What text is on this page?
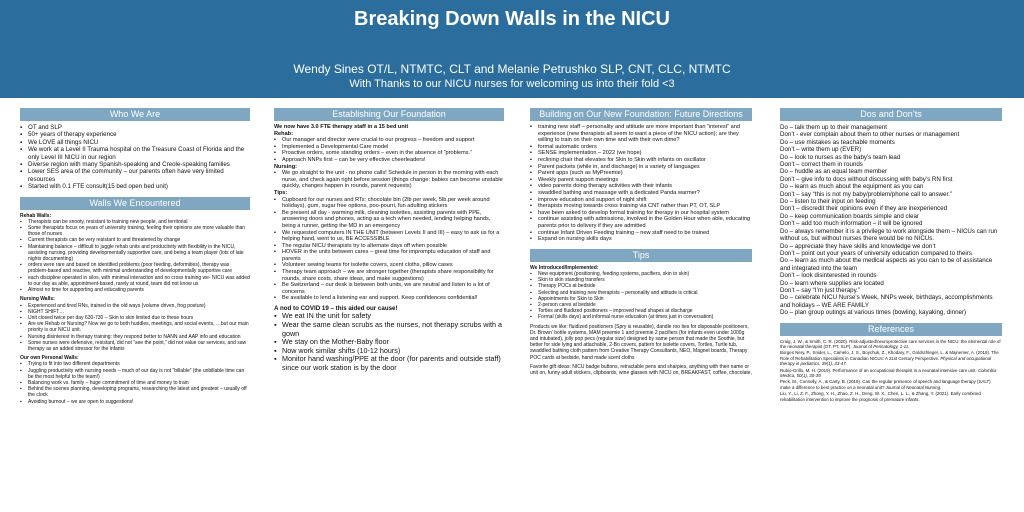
Breaking Down Walls in the NICU
Wendy Sines OT/L, NTMTC, CLT and Melanie Petrushko SLP, CNT, CLC, NTMTC
With Thanks to our NICU nurses for welcoming us into their fold <3
Who We Are
▪ OT and SLP
▪ 50+ years of therapy experience
▪ We LOVE all things NICU
▪ We work at a Level II Trauma hospital on the Treasure Coast of Florida and the only Level III NICU in our region
▪ Diverse region with many Spanish-speaking and Creole-speaking families
▪ Lower SES area of the community – our parents often have very limited resources
▪ Started with 0.1 FTE consult(15 bed open bed unit)
Walls We Encountered
Rehab Walls:
▪ Therapists can be snooty, resistant to training new people, and territorial
▪ Some therapists focus on years of university training, feeling their opinions are more valuable than those of nurses
▪ Current therapists can be very resistant to and threatened by change
▪ Maintaining balance – difficult to juggle rehab units and productivity with flexibility in the NICU, assisting nursing, providing developmentally supportive care, and being a team player (lots of late nights documenting)
▪ orders were rare and based on identified problems (poor feeding, deformities), therapy was problem-based and reactive, with minimal understanding of developmentally supportive care
▪ each discipline operated in silos, with minimal interaction and no cross training we- NICU was added to our day as able, appointment-based, rarely at round, team did not know us
▪ Almost no time for supporting and educating parents
Nursing Walls:
▪ Experienced and tired RNs, trained in the old ways (volume driven, frog posture)
▪ NIGHT SHIFT…
▪ Unit closed twice per day 630-730 – Skin to skin limited due to these hours
▪ Are we Rehab or Nursing? Now we go to both huddles, meetings, and social events, …but our main priority is our NICU unit.
▪ Nursing disinterest in therapy training: they respond better to NANN and AAP info and education
▪ Some nurses were defensive, resistant, did not “see the point,” did not value our services, and saw therapy as an added stressor for the infants
Our own Personal Walls:
▪ Trying to fit into two different departments
▪ Juggling productivity with nursing needs – much of our day is not “billable” (the unbillable time can be the most helpful to the team!)
▪ Balancing work vs. family – huge commitment of time and money to train
▪ Behind the scenes planning, developing programs, researching the latest and greatest – usually off the clock
▪ Avoiding burnout – we are open to suggestions!
Establishing Our Foundation
We now have 3.0 FTE therapy staff in a 15 bed unit
Rehab:
▪ Our manager and director were crucial to our progress – freedom and support
▪ Implemented a Developmental Care model
▪ Proactive orders, some standing orders – even in the absence of “problems.”
▪ Approach NNPs first – can be very effective cheerleaders!
Nursing:
▪ We go straight to the unit - no phone calls! Schedule in person in the morning with each nurse, and check again right before session (things change: babies can become unstable quickly, changes happen in rounds, parent requests)
Tips:
▪ Cupboard for our nurses and RTs: chocolate bin (2lb per week, 5lb.per week around holidays), gum, sugar free options, poo-pourri, fun adulting stickers
▪ Be present all day - warming milk, cleaning isolettes, assisting parents with PPE, answering doors and phones, acting as a tech when needed, lending helping hands, being a runner, getting the MD in an emergency
▪ We requested computers IN THE UNIT (between Levels II and III) – easy to ask us for a helping hand, went to us, BE ACCESSIBLE
▪ The regular NICU therapists try to alternate days off when possible
▪ HOVER in the units between cares – great time for impromptu education of staff and parents
▪ Volunteer sewing teams for isolette covers, scent cloths, pillow cases
▪ Therapy team approach – we are stronger together (therapists share responsibility for rounds, share costs, share ideas, and make suggestions)
▪ Be Switzerland – our desk is between both units, we are neutral and listen to a lot of concerns
▪ Be available to lend a listening ear and support. Keep confidences confidential!
A nod to COVID 19 – this aided our cause!
▪ We eat IN the unit for safety
▪ Wear the same clean scrubs as the nurses, not therapy scrubs with a gown
▪ We stay on the Mother-Baby floor
▪ Now work similar shifts (10-12 hours)
▪ Monitor hand washing/PPE at the door (for parents and outside staff) since our work station is by the door
Building on Our New Foundation: Future Directions
▪ training new staff – personality and attitude are more important than “interest” and experience (new therapists all seem to want a piece of the NICU action); are they willing to train on their own time and with their own dime?
▪ formal automatic orders
▪ SENSE implementation – 2022 (we hope)
▪ reclining chair that elevates for Skin to Skin with infants on oscillator
▪ Parent packets (while in, and discharge) in a variety of languages
▪ Parent apps (such as MyPreemie)
▪ Weekly parent support meetings
▪ video parents doing therapy activities with their infants
▪ swaddled bathing and massage with a dedicated Panda warmer?
▪ improve education and support of night shift
▪ therapists moving towards cross training via CNT rather than PT, OT, SLP
▪ have been asked to develop formal training for therapy in our hospital system
▪ continue assisting with admissions, involved in the Golden Hour when able, educating parents prior to delivery if they are admitted
▪ continue Infant Driven Feeding training – new staff need to be trained
▪ Expand on nursing skills days
Tips
We Introduced/Implemented:
▪ New equipment (positioning, feeding systems, pacifiers, skin to skin)
▪ Skin to skin standing transfers
▪ Therapy POCs at bedside
▪ Selecting and training new therapists – personality and attitude is critical
▪ Appointments for Skin to Skin
▪ 2-person cares at bedside
▪ Tortles and fluidized positioners – improved head shapes at discharge
▪ Formal (skills days) and informal nurse education (at times just in conversation)
Products we like: fluidized positioners (Spry is reusable), dandle roo ties for disposable positioners, Dr. Brown’ bottle systems, MAM preemie 1 and preemie 2 pacifiers (for infants even under 1000g and intubated), jolly pop pecs (regular size) designed by same person that made the Soothie, but better for side lying and attachable, 2-Bo covers, pattern for isolette covers, Tortles, Turtle tub, swaddled bathing cloth pattern from Creative Therapy Consultants, NEO, Magnet boards, Therapy POC cards at bedside, hand made scent cloths
Favorite gift ideas: NICU badge buttons, retractable pens and sharpies, anything with their name or unit on, funny adult stickers, clipboards, wine glasses with NICU on, BREAKFAST, coffee, chocolate,
Dos and Don’ts
Do – talk them up to their management
Don’t - ever complain about them to other nurses or management
Do – use mistakes as teachable moments
Don’t – write them up (EVER)
Do – look to nurses as the baby’s team lead
Don’t – correct them in rounds
Do – huddle as an equal team member
Don’t – give info to docs without discussing with baby’s RN first
Do – learn as much about the equipment as you can
Don’t – say “this is not my baby/problem/phone call to answer.”
Do – listen to their input on feeding
Don’t – discredit their opinions even if they are inexperienced
Do – keep communication boards simple and clear
Don’t – add too much information – it will be ignored
Do – always remember it is a privilege to work alongside them – NICUs can run without us, but without nurses there would be no NICUs.
Do – appreciate they have skills and knowledge we don’t
Don’t – point out your years of university education compared to theirs
Do – learn as much about the medical aspects as you can to be of assistance and integrated into the team
Don’t – look disinterested in rounds
Do – learn where supplies are located
Don’t – say “I’m just therapy.”
Do – celebrate NICU Nurse’s Week, NNPs week, birthdays, accomplishments and holidays – WE ARE FAMILY
Do – plan group outings at various times (bowling, kayaking, dinner)
References
Craig, J. W., & Smith, C. R. (2020). Risk-adjusted/neuroprotective care services in the NICU: the elemental role of the neonatal therapist (OT, PT, SLP). Journal of Perinatology, 1-11.
Borges Nery, P., Snider, L., Camelo, J. S., Boychuk, Z., Khodary, F., Goldschleger, L. & Majnemer, A. (2019). The Role of Rehabilitation Specialists in Canadian NICUs: A 21st Century Perspective. Physical and occupational therapy in pediatrics, 39(1), 33-47.
Rubio-Grillo, M. H. (2019). Performance of an occupational therapist in a neonatal intensive care unit. Colombia Medica, 50(1), 30-39.
Peck, M., Connolly, A., & Carty, B. (2019). Can the regular presence of speech and language therapy (SALT) make a difference to best practice on a neonatal unit? Journal of Neonatal Nursing.
Liu, Y., Li, Z. F., Zhong, Y. H., Zhao, Z. H., Deng, W. X., Chen, L. L., & Zhang, Y. (2021). Early combined rehabilitation intervention to improve the prognosis of premature infants.
